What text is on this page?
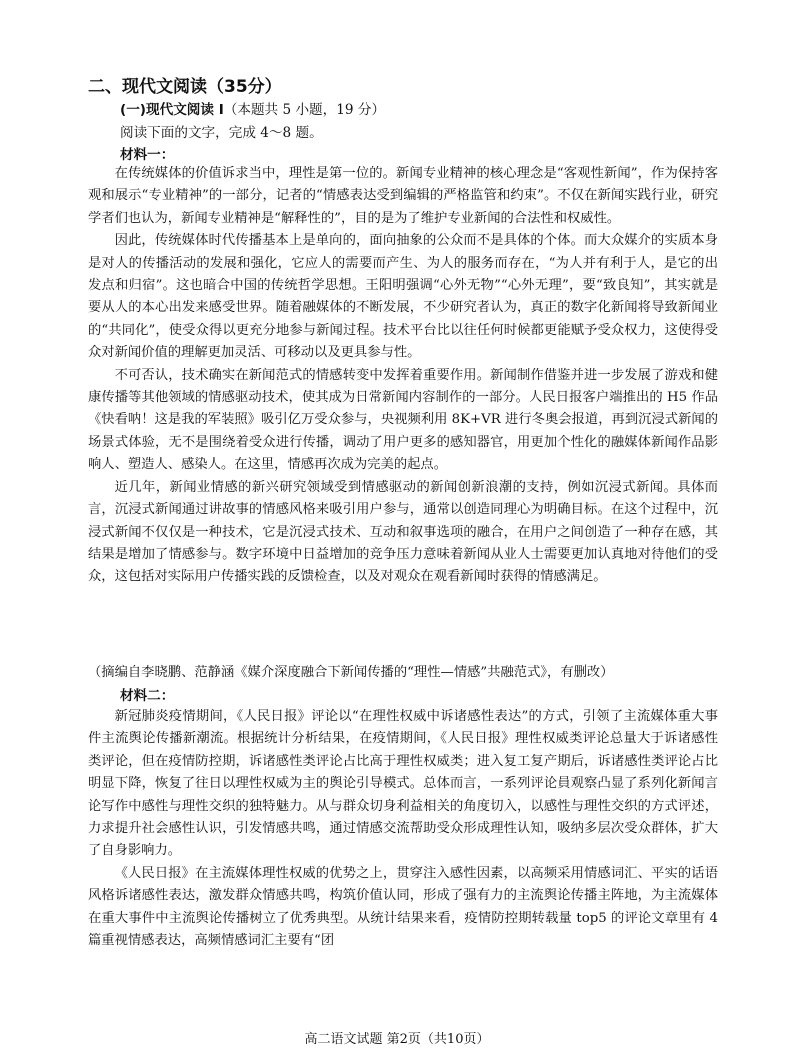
二、现代文阅读（35分）

(一)现代文阅读 I（本题共 5 小题，19 分）

阅读下面的文字，完成 4～8 题。

材料一：

在传统媒体的价值诉求当中，理性是第一位的。新闻专业精神的核心理念是“客观性新闻”，作为保持客观和展示“专业精神”的一部分，记者的“情感表达受到编辑的严格监管和约束”。不仅在新闻实践行业，研究学者们也认为，新闻专业精神是“解释性的”，目的是为了维护专业新闻的合法性和权威性。

因此，传统媒体时代传播基本上是单向的，面向抽象的公众而不是具体的个体。而大众媒介的实质本身是对人的传播活动的发展和强化，它应人的需要而产生、为人的服务而存在，“为人并有利于人，是它的出发点和归宿”。这也暗合中国的传统哲学思想。王阳明强调“心外无物”“心外无理”，要“致良知”，其实就是要从人的本心出发来感受世界。随着融媒体的不断发展，不少研究者认为，真正的数字化新闻将导致新闻业的“共同化”，使受众得以更充分地参与新闻过程。技术平台比以往任何时候都更能赋予受众权力，这使得受众对新闻价值的理解更加灵活、可移动以及更具参与性。

不可否认，技术确实在新闻范式的情感转变中发挥着重要作用。新闻制作借鉴并进一步发展了游戏和健康传播等其他领域的情感驱动技术，使其成为日常新闻内容制作的一部分。人民日报客户端推出的 H5 作品《快看呐！这是我的军装照》吸引亿万受众参与，央视频利用 8K+VR 进行冬奥会报道，再到沉浸式新闻的场景式体验，无不是围绕着受众进行传播，调动了用户更多的感知器官，用更加个性化的融媒体新闻作品影响人、塑造人、感染人。在这里，情感再次成为完美的起点。

近几年，新闻业情感的新兴研究领域受到情感驱动的新闻创新浪潮的支持，例如沉浸式新闻。具体而言，沉浸式新闻通过讲故事的情感风格来吸引用户参与，通常以创造同理心为明确目标。在这个过程中，沉浸式新闻不仅仅是一种技术，它是沉浸式技术、互动和叙事选项的融合，在用户之间创造了一种存在感，其结果是增加了情感参与。数字环境中日益增加的竞争压力意味着新闻从业人士需要更加认真地对待他们的受众，这包括对实际用户传播实践的反馈检查，以及对观众在观看新闻时获得的情感满足。

（摘编自李晓鹏、范静涵《媒介深度融合下新闻传播的“理性—情感”共融范式》，有删改）

材料二：

新冠肺炎疫情期间，《人民日报》评论以“在理性权威中诉诸感性表达”的方式，引领了主流媒体重大事件主流舆论传播新潮流。根据统计分析结果，在疫情期间，《人民日报》理性权威类评论总量大于诉诸感性类评论，但在疫情防控期，诉诸感性类评论占比高于理性权威类；进入复工复产期后，诉诸感性类评论占比明显下降，恢复了往日以理性权威为主的舆论引导模式。总体而言，一系列评论員观察凸显了系列化新闻言论写作中感性与理性交织的独特魅力。从与群众切身利益相关的角度切入，以感性与理性交织的方式评述，力求提升社会感性认识，引发情感共鸣，通过情感交流帮助受众形成理性认知，吸纳多层次受众群体，扩大了自身影响力。

《人民日报》在主流媒体理性权威的优势之上，贯穿注入感性因素，以高频采用情感词汇、平实的话语风格诉诸感性表达，激发群众情感共鸣，构筑价值认同，形成了强有力的主流舆论传播主阵地，为主流媒体在重大事件中主流舆论传播树立了优秀典型。从统计结果来看，疫情防控期转载量 top5 的评论文章里有 4 篇重视情感表达，高频情感词汇主要有“团

高二语文试题 第2页（共10页）
